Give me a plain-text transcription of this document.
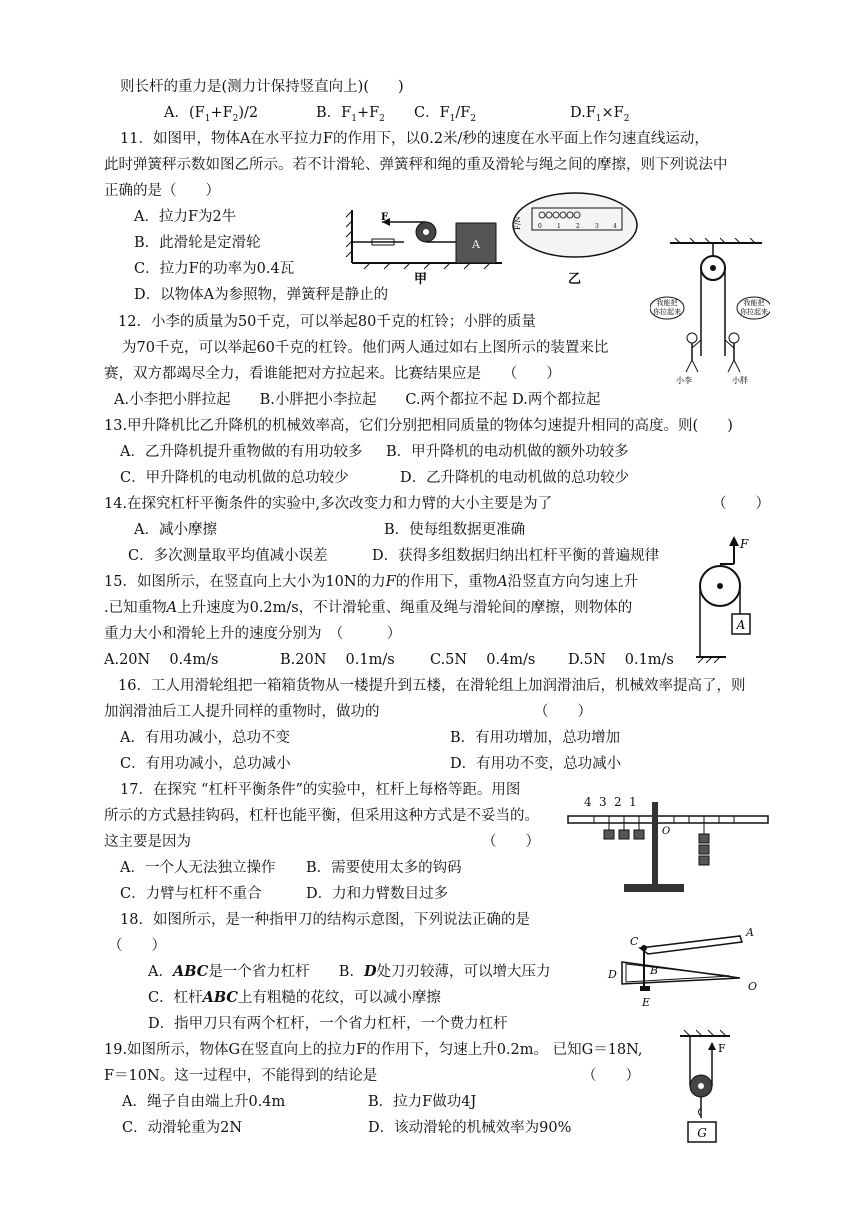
则长杆的重力是(测力计保持竖直向上)(　　)
A．$(F_1+F_2)/2$	B．$F_1+F_2$ C．$F_1/F_2$	$D.F_1\times F_2$
11．如图甲，物体A在水平拉力F的作用下，以0.2米/秒的速度在水平面上作匀速直线运动，
此时弹簧秤示数如图乙所示。若不计滑轮、弹簧秤和绳的重及滑轮与绳之间的摩擦，则下列说法中
正确的是（　　）
A．拉力F为2牛
B．此滑轮是定滑轮
C．拉力F的功率为0.4瓦
D．以物体A为参照物，弹簧秤是静止的
A
F
甲
F/N	0	1	2	3 4
乙
我能把
你拉起来
我能把
你拉起来
小李	小胖
12．小李的质量为50千克，可以举起80千克的杠铃；小胖的质量
为70千克，可以举起60千克的杠铃。他们两人通过如右上图所示的装置来比
赛，双方都竭尽全力，看谁能把对方拉起来。比赛结果应是　　（　　）
A.小李把小胖拉起　　B.小胖把小李拉起　　C.两个都拉不起 D.两个都拉起
13.甲升降机比乙升降机的机械效率高，它们分别把相同质量的物体匀速提升相同的高度。则(　　)
A．乙升降机提升重物做的有用功较多 B．甲升降机的电动机做的额外功较多
C．甲升降机的电动机做的总功较少	D．乙升降机的电动机做的总功较少
14.在探究杠杆平衡条件的实验中,多次改变力和力臂的大小主要是为了	（　　）
A．减小摩擦	B．使每组数据更准确
C．多次测量取平均值减小误差	D．获得多组数据归纳出杠杆平衡的普遍规律
F
A
15．如图所示，在竖直向上大小为10N的力F的作用下，重物A沿竖直方向匀速上升
.已知重物A上升速度为0.2m/s，不计滑轮重、绳重及绳与滑轮间的摩擦，则物体的
重力大小和滑轮上升的速度分别为　（　　　）
A.20N　 0.4m/s	B.20N　 0.1m/s C.5N　 0.4m/s D.5N　 0.1m/s
16．工人用滑轮组把一箱箱货物从一楼提升到五楼，在滑轮组上加润滑油后，机械效率提高了，则
加润滑油后工人提升同样的重物时，做功的	（　　）
A．有用功减小，总功不变	B．有用功增加，总功增加
C．有用功减小，总功减小	D．有用功不变，总功减小
4 3 2 1
O
17．在探究 “杠杆平衡条件”的实验中，杠杆上每格等距。用图
所示的方式悬挂钩码，杠杆也能平衡，但采用这种方式是不妥当的。
这主要是因为	（　　）
A．一个人无法独立操作 B．需要使用太多的钩码
C．力臂与杠杆不重合	D．力和力臂数目过多
C
A
B
D
E
O
18．如图所示，是一种指甲刀的结构示意图，下列说法正确的是
（　　）
A．ABC是一个省力杠杆　　B．D处刀刃较薄，可以增大压力
C．杠杆ABC上有粗糙的花纹，可以减小摩擦
D．指甲刀只有两个杠杆，一个省力杠杆，一个费力杠杆
F
G
19.如图所示，物体G在竖直向上的拉力F的作用下，匀速上升0.2m。 已知G＝18N,
F＝10N。这一过程中，不能得到的结论是	（　　）
A．绳子自由端上升0.4m	B．拉力F做功4J
C．动滑轮重为2N	D．该动滑轮的机械效率为90%
